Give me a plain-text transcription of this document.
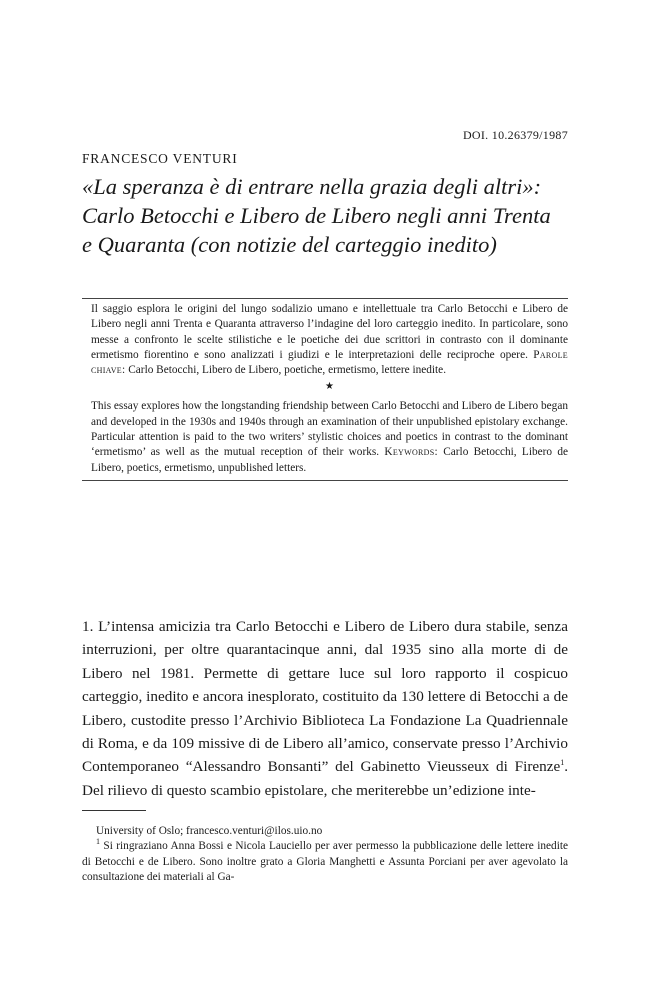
DOI. 10.26379/1987
FRANCESCO VENTURI
«La speranza è di entrare nella grazia degli altri»:
Carlo Betocchi e Libero de Libero negli anni Trenta
e Quaranta (con notizie del carteggio inedito)
Il saggio esplora le origini del lungo sodalizio umano e intellettuale tra Carlo Betocchi e Libero de Libero negli anni Trenta e Quaranta attraverso l’indagine del loro carteggio inedito. In particolare, sono messe a confronto le scelte stilistiche e le poetiche dei due scrittori in contrasto con il dominante ermetismo fiorentino e sono analizzati i giudizi e le interpretazioni delle reciproche opere. Parole chiave: Carlo Betocchi, Libero de Libero, poetiche, ermetismo, lettere inedite.
★
This essay explores how the longstanding friendship between Carlo Betocchi and Libero de Libero began and developed in the 1930s and 1940s through an examination of their unpublished epistolary exchange. Particular attention is paid to the two writers’ stylistic choices and poetics in contrast to the dominant ‘ermetismo’ as well as the mutual reception of their works. Keywords: Carlo Betocchi, Libero de Libero, poetics, ermetismo, unpublished letters.
1. L’intensa amicizia tra Carlo Betocchi e Libero de Libero dura stabile, senza interruzioni, per oltre quarantacinque anni, dal 1935 sino alla morte di de Libero nel 1981. Permette di gettare luce sul loro rapporto il cospicuo carteggio, inedito e ancora inesplorato, costituito da 130 lettere di Betocchi a de Libero, custodite presso l’Archivio Biblioteca La Fondazione La Quadriennale di Roma, e da 109 missive di de Libero all’amico, conservate presso l’Archivio Contemporaneo “Alessandro Bonsanti” del Gabinetto Vieusseux di Firenze$^1$. Del rilievo di questo scambio epistolare, che meriterebbe un’edizione inte-
University of Oslo; francesco.venturi@ilos.uio.no
$^1$ Si ringraziano Anna Bossi e Nicola Lauciello per aver permesso la pubblicazione delle lettere inedite di Betocchi e de Libero. Sono inoltre grato a Gloria Manghetti e Assunta Porciani per aver agevolato la consultazione dei materiali al Ga-
